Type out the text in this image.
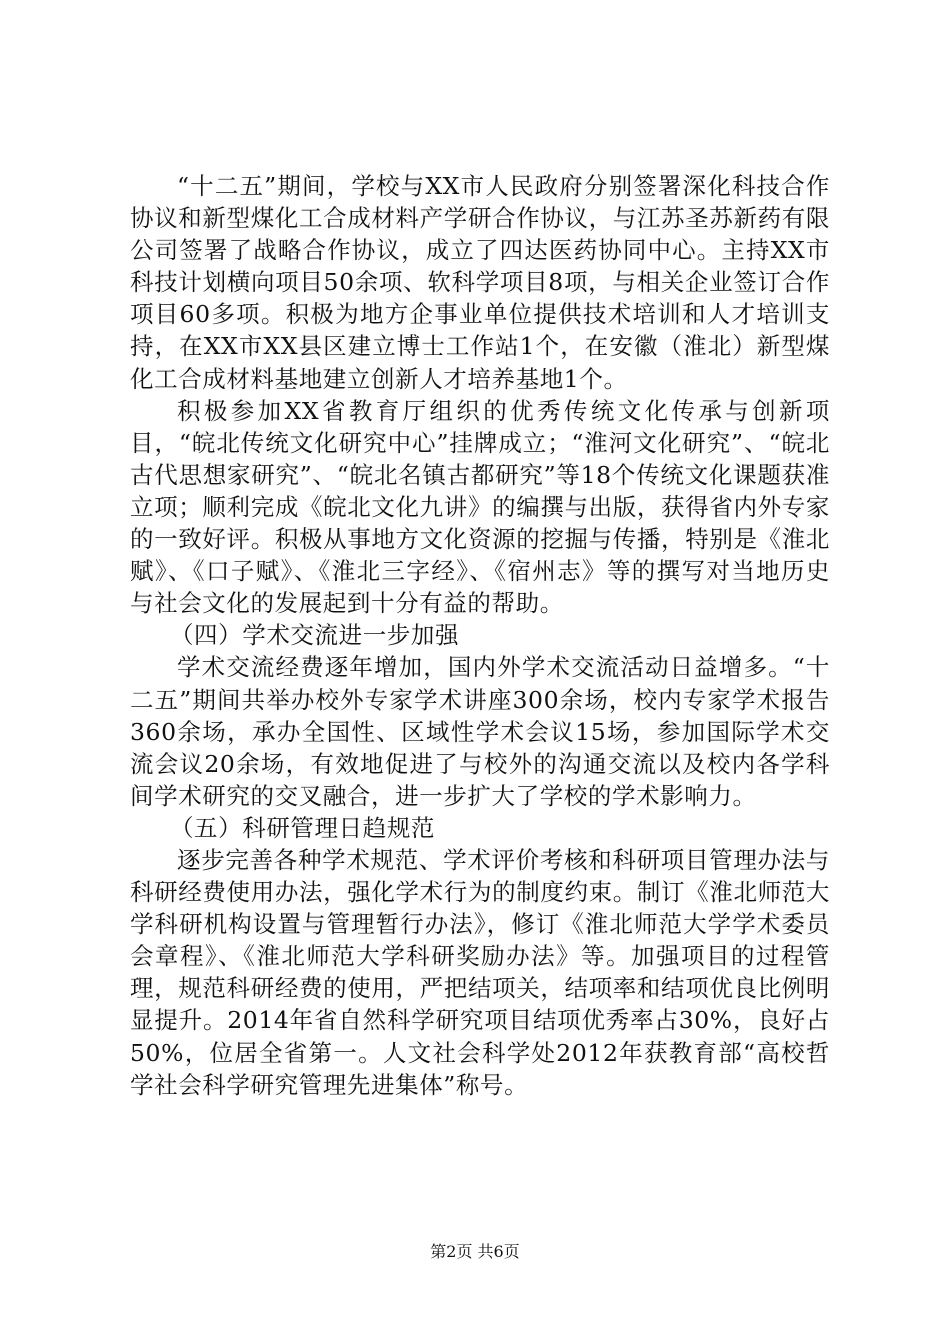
“十二五”期间，学校与XX市人民政府分别签署深化科技合作协议和新型煤化工合成材料产学研合作协议，与江苏圣苏新药有限公司签署了战略合作协议，成立了四达医药协同中心。主持XX市科技计划横向项目50余项、软科学项目8项，与相关企业签订合作项目60多项。积极为地方企事业单位提供技术培训和人才培训支持，在XX市XX县区建立博士工作站1个，在安徽（淮北）新型煤化工合成材料基地建立创新人才培养基地1个。

积极参加XX省教育厅组织的优秀传统文化传承与创新项目，“皖北传统文化研究中心”挂牌成立；“淮河文化研究”、“皖北古代思想家研究”、“皖北名镇古都研究”等18个传统文化课题获准立项；顺利完成《皖北文化九讲》的编撰与出版，获得省内外专家的一致好评。积极从事地方文化资源的挖掘与传播，特别是《淮北赋》、《口子赋》、《淮北三字经》、《宿州志》等的撰写对当地历史与社会文化的发展起到十分有益的帮助。

（四）学术交流进一步加强

学术交流经费逐年增加，国内外学术交流活动日益增多。“十二五”期间共举办校外专家学术讲座300余场，校内专家学术报告360余场，承办全国性、区域性学术会议15场，参加国际学术交流会议20余场，有效地促进了与校外的沟通交流以及校内各学科间学术研究的交叉融合，进一步扩大了学校的学术影响力。

（五）科研管理日趋规范

逐步完善各种学术规范、学术评价考核和科研项目管理办法与科研经费使用办法，强化学术行为的制度约束。制订《淮北师范大学科研机构设置与管理暂行办法》，修订《淮北师范大学学术委员会章程》、《淮北师范大学科研奖励办法》等。加强项目的过程管理，规范科研经费的使用，严把结项关，结项率和结项优良比例明显提升。2014年省自然科学研究项目结项优秀率占30%，良好占50%，位居全省第一。人文社会科学处2012年获教育部“高校哲学社会科学研究管理先进集体”称号。

第2页 共6页
